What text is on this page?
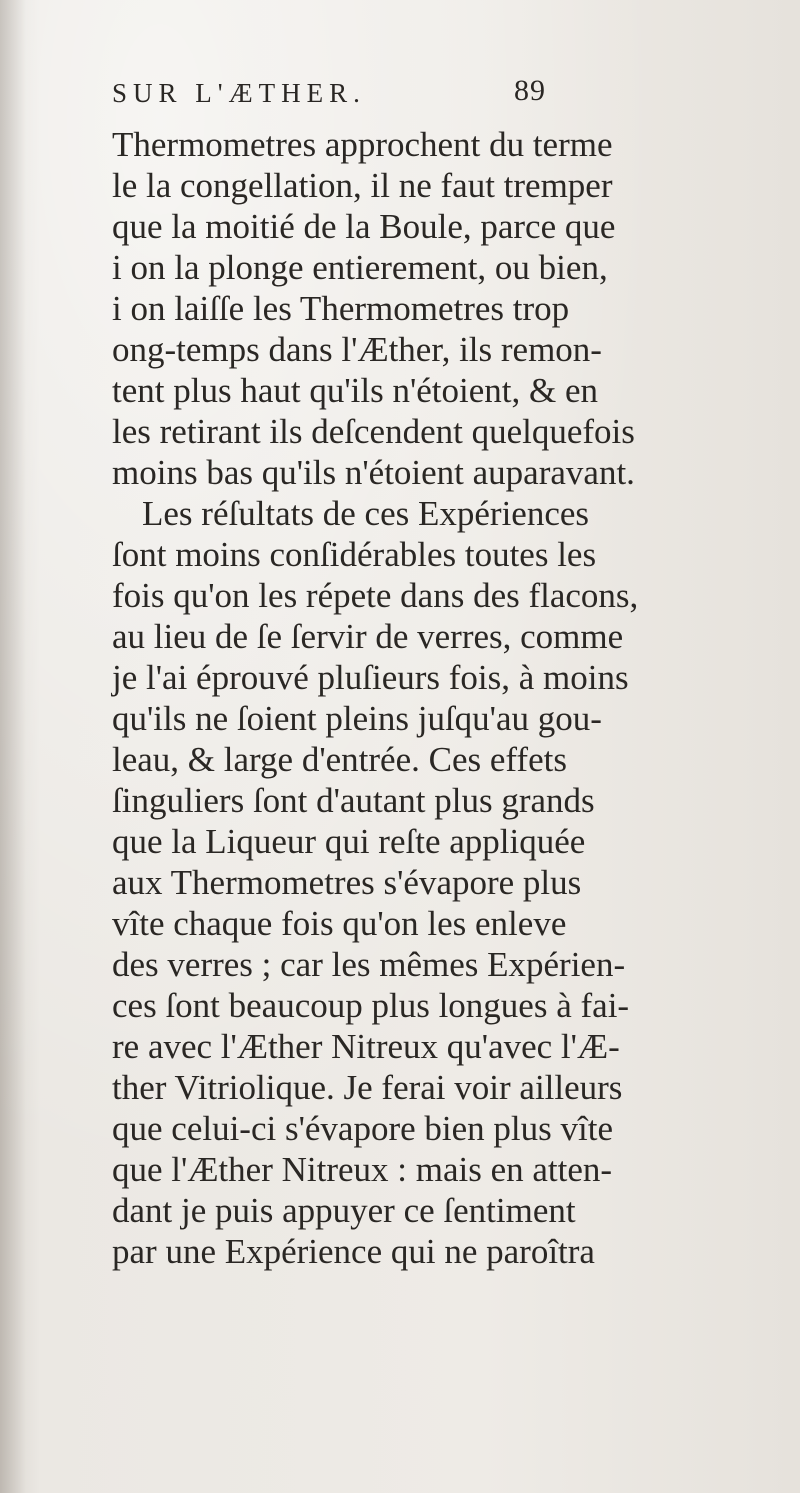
SUR L'ÆTHER.	89
Thermometres approchent du terme
le la congellation, il ne faut tremper
que la moitié de la Boule, parce que
i on la plonge entierement, ou bien,
i on laiſſe les Thermometres trop
ong-temps dans l'Æther, ils remon-
tent plus haut qu'ils n'étoient, & en
les retirant ils deſcendent quelquefois
moins bas qu'ils n'étoient auparavant.
Les réſultats de ces Expériences
ſont moins conſidérables toutes les
fois qu'on les répete dans des flacons,
au lieu de ſe ſervir de verres, comme
je l'ai éprouvé pluſieurs fois, à moins
qu'ils ne ſoient pleins juſqu'au gou-
leau, & large d'entrée. Ces effets
ſinguliers ſont d'autant plus grands
que la Liqueur qui reſte appliquée
aux Thermometres s'évapore plus
vîte chaque fois qu'on les enleve
des verres ; car les mêmes Expérien-
ces ſont beaucoup plus longues à fai-
re avec l'Æther Nitreux qu'avec l'Æ-
ther Vitriolique. Je ferai voir ailleurs
que celui-ci s'évapore bien plus vîte
que l'Æther Nitreux : mais en atten-
dant je puis appuyer ce ſentiment
par une Expérience qui ne paroîtra
